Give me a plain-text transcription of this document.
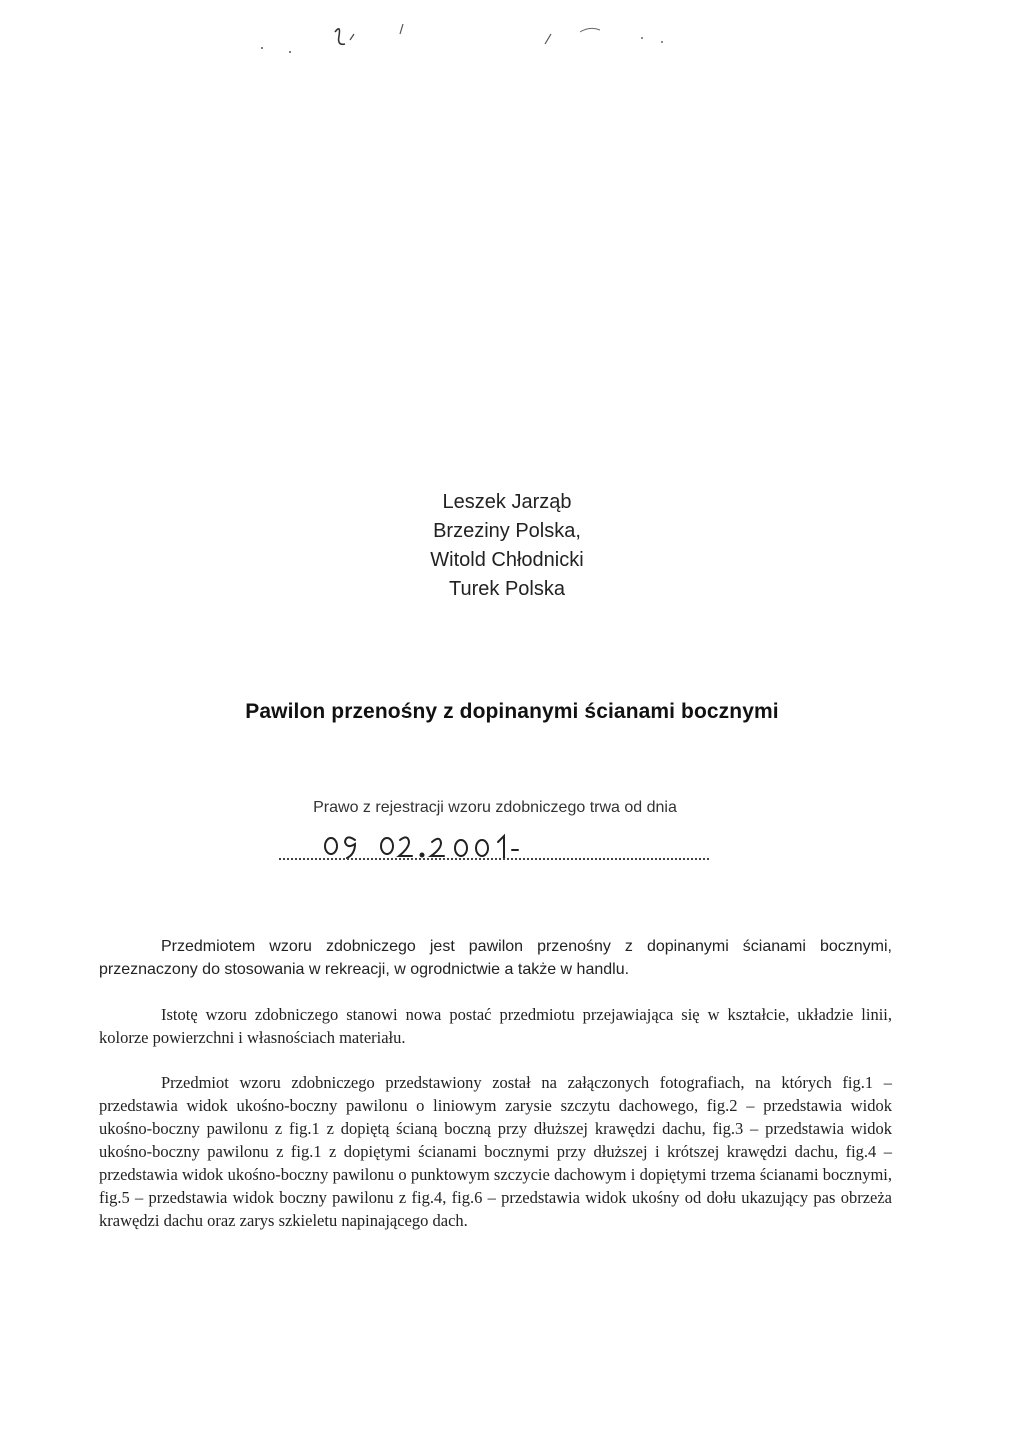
Leszek Jarząb
Brzeziny Polska,
Witold Chłodnicki
Turek Polska
Pawilon przenośny z dopinanymi ścianami bocznymi
Prawo z rejestracji wzoru zdobniczego trwa od dnia

Przedmiotem wzoru zdobniczego jest pawilon przenośny z dopinanymi ścianami bocznymi, przeznaczony do stosowania w rekreacji, w ogrodnictwie a także w handlu.

Istotę wzoru zdobniczego stanowi nowa postać przedmiotu przejawiająca się w kształcie, układzie linii, kolorze powierzchni i własnościach materiału.

Przedmiot wzoru zdobniczego przedstawiony został na załączonych fotografiach, na których fig.1 – przedstawia widok ukośno-boczny pawilonu o liniowym zarysie szczytu dachowego, fig.2 – przedstawia widok ukośno-boczny pawilonu z fig.1 z dopiętą ścianą boczną przy dłuższej krawędzi dachu, fig.3 – przedstawia widok ukośno-boczny pawilonu z fig.1 z dopiętymi ścianami bocznymi przy dłuższej i krótszej krawędzi dachu, fig.4 – przedstawia widok ukośno-boczny pawilonu o punktowym szczycie dachowym i dopiętymi trzema ścianami bocznymi, fig.5 – przedstawia widok boczny pawilonu z fig.4, fig.6 – przedstawia widok ukośny od dołu ukazujący pas obrzeża krawędzi dachu oraz zarys szkieletu napinającego dach.
